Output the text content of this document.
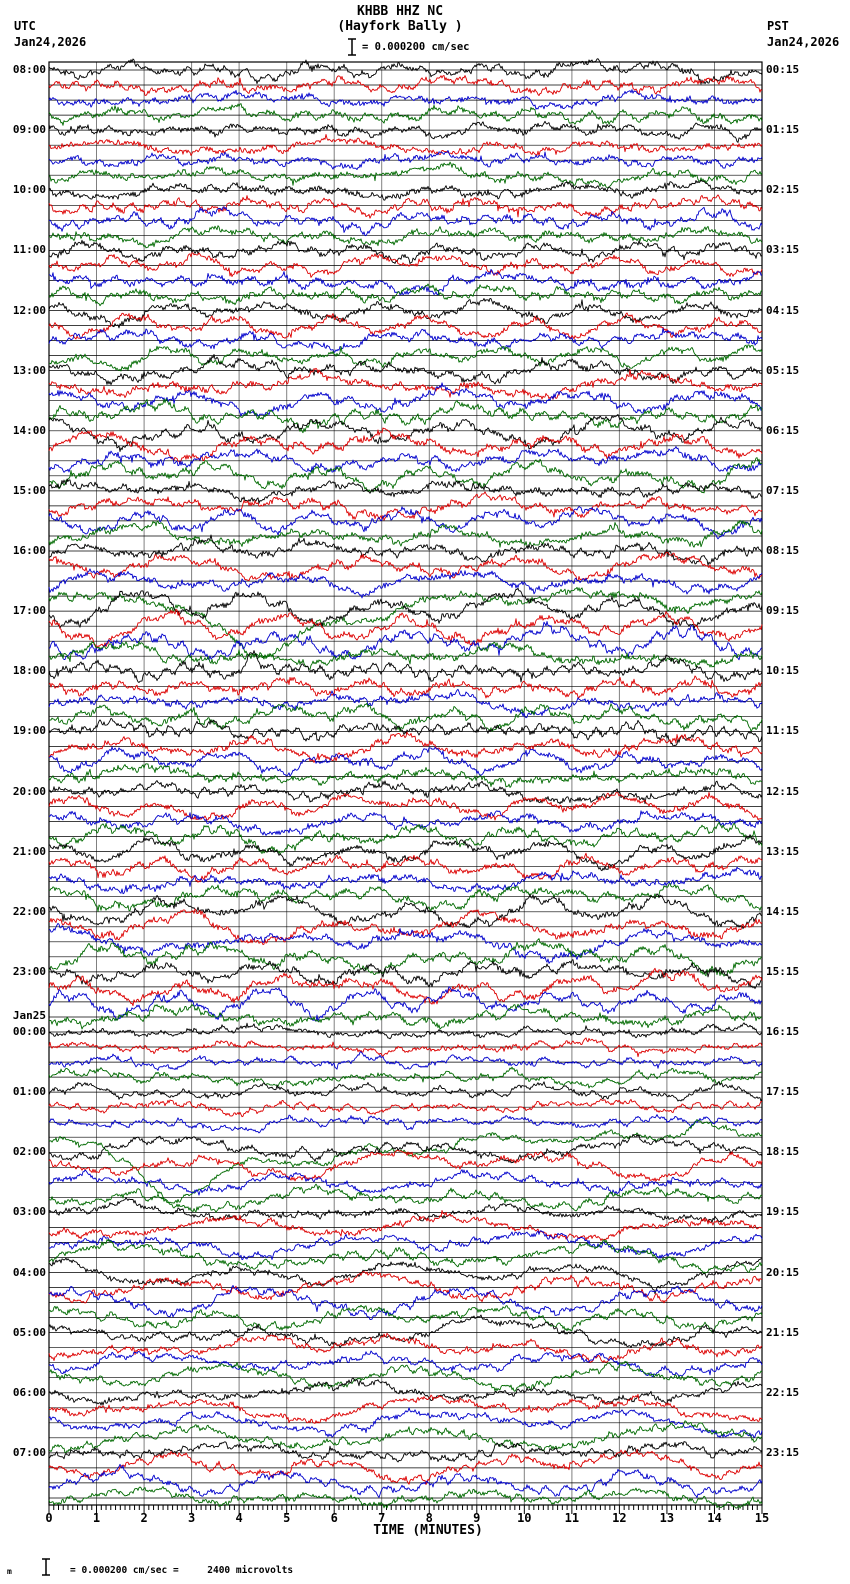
KHBB HHZ NC
(Hayfork Bally )
UTC
Jan24,2026
PST
Jan24,2026
= 0.000200 cm/sec
08:00	00:15
09:00	01:15
10:00	02:15
11:00	03:15
12:00	04:15
13:00	05:15
14:00	06:15
15:00	07:15
16:00	08:15
17:00	09:15
18:00	10:15
19:00	11:15
20:00	12:15
21:00	13:15
22:00	14:15
23:00	15:15
00:00	16:15
Jan25
01:00	17:15
02:00	18:15
03:00	19:15
04:00	20:15
05:00	21:15
06:00	22:15
07:00	23:15
0	1	2	3	4	5	6	7	8	9	10	11	12	13	14	15
TIME (MINUTES)
m	= 0.000200 cm/sec =     2400 microvolts
